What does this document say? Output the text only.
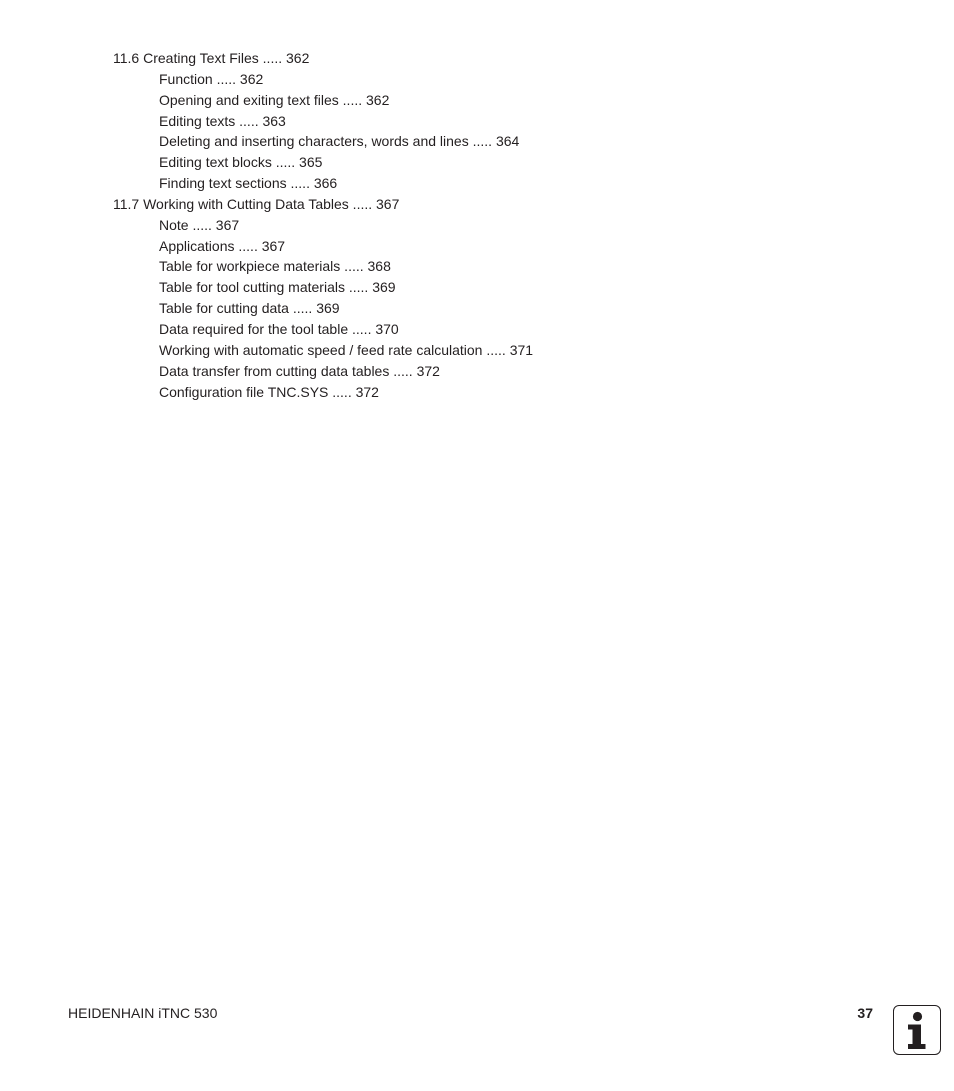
11.6 Creating Text Files ..... 362
Function ..... 362
Opening and exiting text files ..... 362
Editing texts ..... 363
Deleting and inserting characters, words and lines ..... 364
Editing text blocks ..... 365
Finding text sections ..... 366
11.7 Working with Cutting Data Tables ..... 367
Note ..... 367
Applications ..... 367
Table for workpiece materials ..... 368
Table for tool cutting materials ..... 369
Table for cutting data ..... 369
Data required for the tool table ..... 370
Working with automatic speed / feed rate calculation ..... 371
Data transfer from cutting data tables ..... 372
Configuration file TNC.SYS ..... 372
HEIDENHAIN iTNC 530	37
